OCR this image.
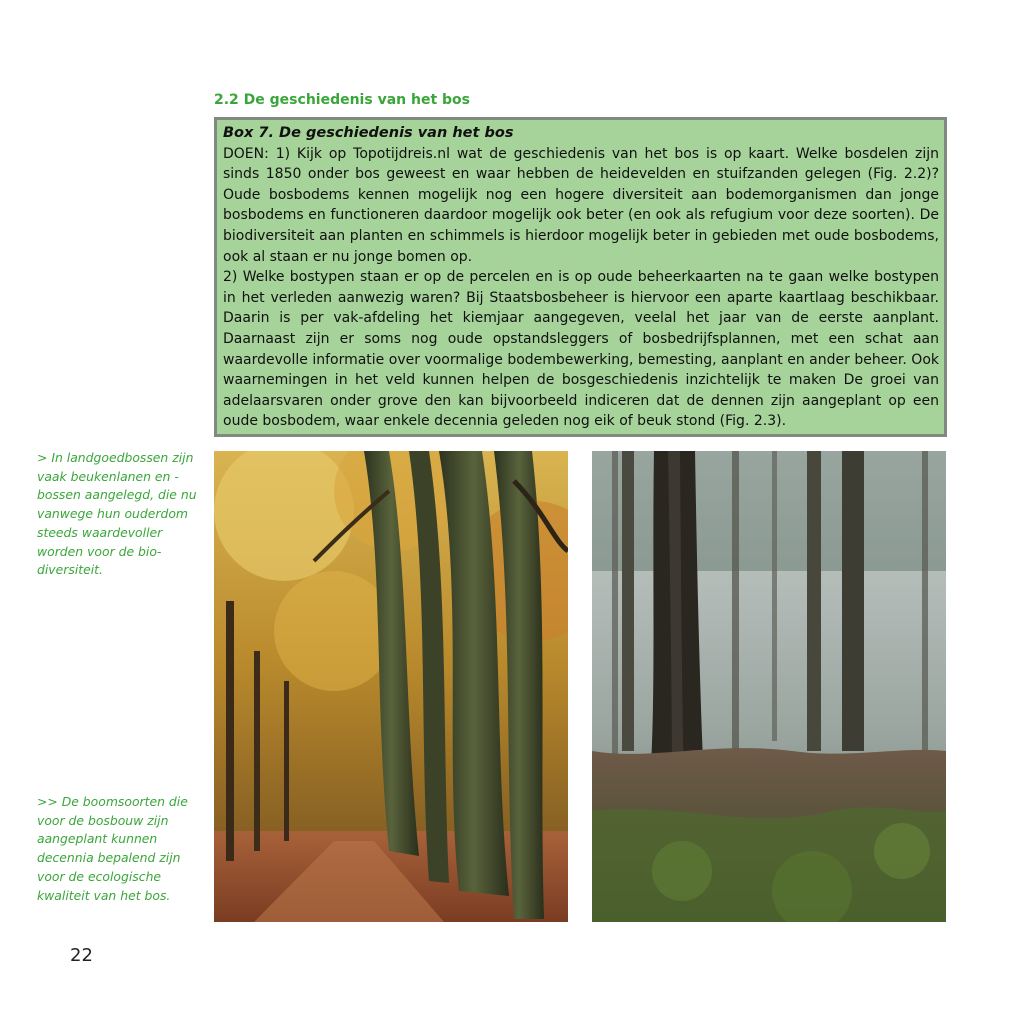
2.2 De geschiedenis van het bos

Box 7. De geschiedenis van het bos

DOEN: 1) Kijk op Topotijdreis.nl wat de geschiedenis van het bos is op kaart. Welke bosdelen zijn sinds 1850 onder bos geweest en waar hebben de heidevelden en stuifzanden gelegen (Fig. 2.2)? Oude bosbodems kennen mogelijk nog een hogere diversiteit aan bodemorganismen dan jonge bosbodems en functioneren daardoor mogelijk ook beter (en ook als refugium voor deze soorten). De biodiversiteit aan planten en schimmels is hierdoor mogelijk beter in gebieden met oude bosbodems, ook al staan er nu jonge bomen op.

2) Welke bostypen staan er op de percelen en is op oude beheerkaarten na te gaan welke bostypen in het verleden aanwezig waren? Bij Staatsbosbeheer is hiervoor een aparte kaartlaag beschikbaar. Daarin is per vak-afdeling het kiemjaar aangegeven, veelal het jaar van de eerste aanplant. Daarnaast zijn er soms nog oude opstandsleggers of bosbedrijfsplannen, met een schat aan waardevolle informatie over voormalige bodembewerking, bemesting, aanplant en ander beheer. Ook waarnemingen in het veld kunnen helpen de bosgeschiedenis inzichtelijk te maken De groei van adelaarsvaren onder grove den kan bijvoorbeeld indiceren dat de dennen zijn aangeplant op een oude bosbodem, waar enkele decennia geleden nog eik of beuk stond (Fig. 2.3).

> In landgoedbossen zijn vaak beukenlanen en -bossen aangelegd, die nu vanwege hun ouderdom steeds waardevoller worden voor de bio-diversiteit.
>> De boomsoorten die voor de bosbouw zijn aangeplant kunnen decennia bepalend zijn voor de ecologische kwaliteit van het bos.
22
